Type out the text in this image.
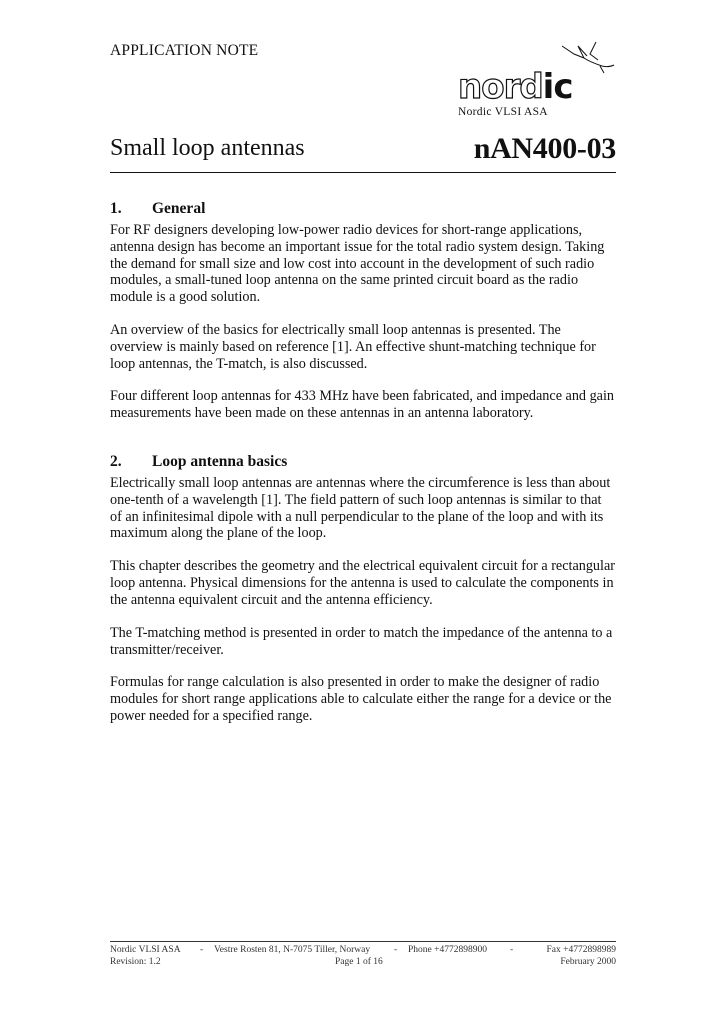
APPLICATION NOTE
nordic
Nordic VLSI ASA
Small loop antennas	nAN400-03
1. General

For RF designers developing low-power radio devices for short-range applications, antenna design has become an important issue for the total radio system design. Taking the demand for small size and low cost into account in the development of such radio modules, a small-tuned loop antenna on the same printed circuit board as the radio module is a good solution.

An overview of the basics for electrically small loop antennas is presented. The overview is mainly based on reference [1]. An effective shunt-matching technique for loop antennas, the T-match, is also discussed.

Four different loop antennas for 433 MHz have been fabricated, and impedance and gain measurements have been made on these antennas in an antenna laboratory.

2. Loop antenna basics

Electrically small loop antennas are antennas where the circumference is less than about one-tenth of a wavelength [1]. The field pattern of such loop antennas is similar to that of an infinitesimal dipole with a null perpendicular to the plane of the loop and with its maximum along the plane of the loop.

This chapter describes the geometry and the electrical equivalent circuit for a rectangular loop antenna. Physical dimensions for the antenna is used to calculate the components in the antenna equivalent circuit and the antenna efficiency.

The T-matching method is presented in order to match the impedance of the antenna to a transmitter/receiver.

Formulas for range calculation is also presented in order to make the designer of radio modules for short range applications able to calculate either the range for a device or the power needed for a specified range.

Nordic VLSI ASA - Vestre Rosten 81, N-7075 Tiller, Norway	- Phone +4772898900 -	Fax +4772898989
Revision: 1.2	Page 1 of 16	February 2000
